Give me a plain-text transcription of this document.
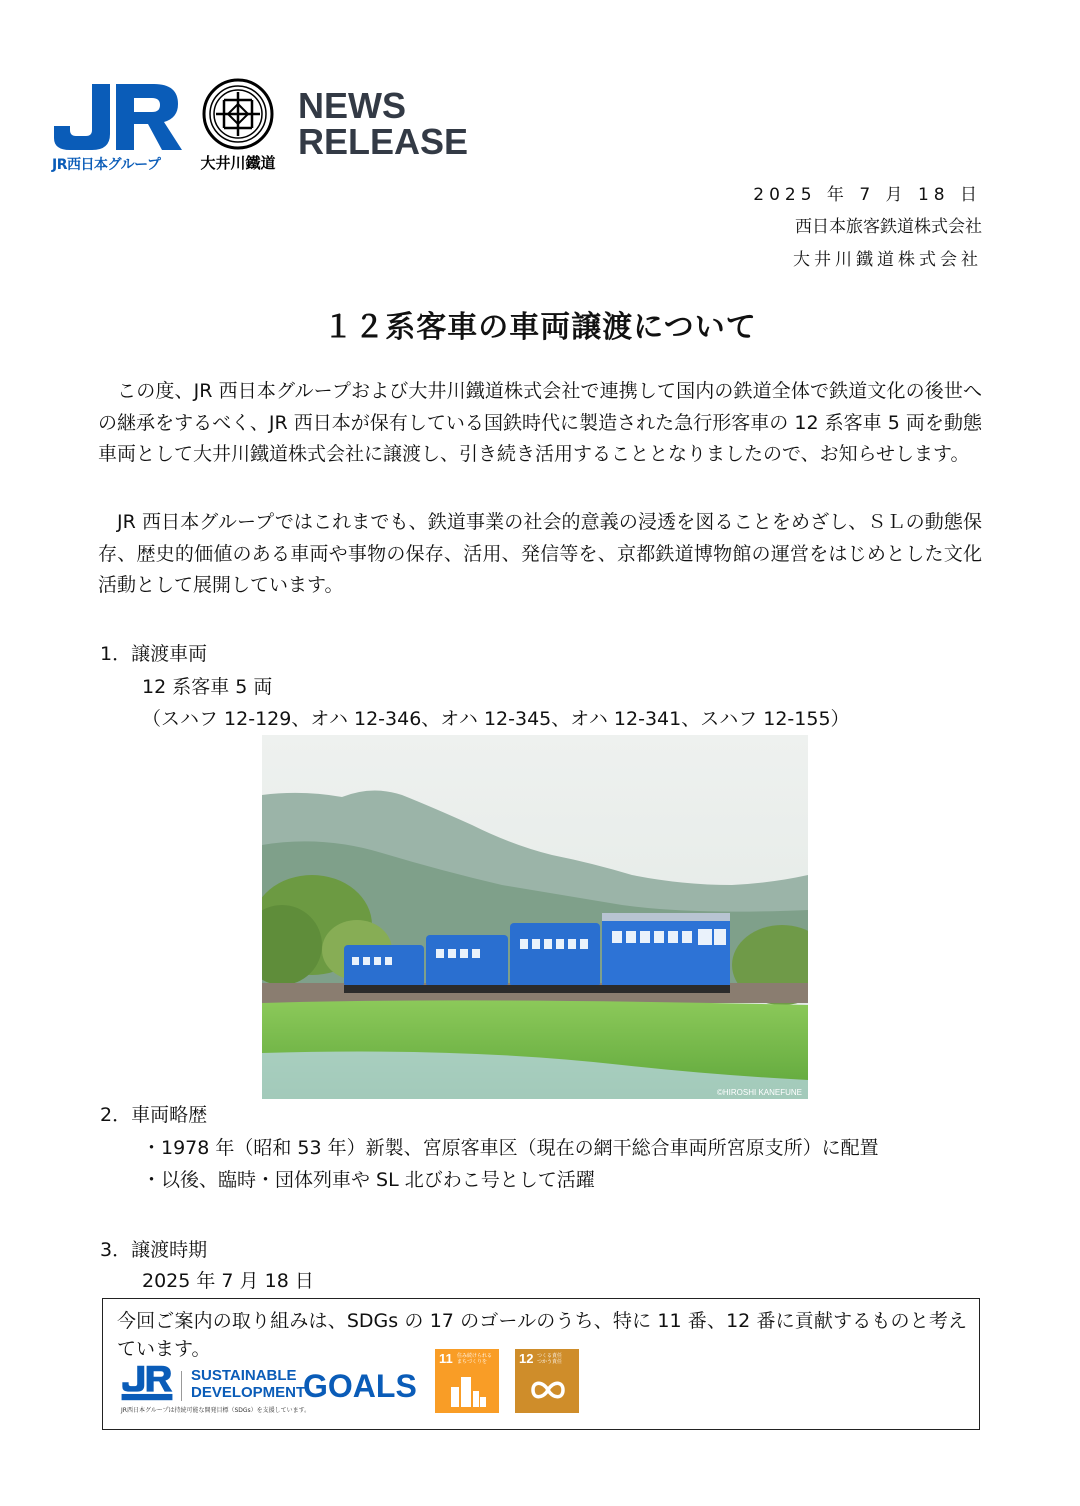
JR西日本グループ	大井川鐵道
NEWS
RELEASE
2025 年 7 月 18 日
西日本旅客鉄道株式会社
大井川鐵道株式会社
１２系客車の車両譲渡について
この度、JR 西日本グループおよび大井川鐵道株式会社で連携して国内の鉄道全体で鉄道文化の後世への継承をするべく、JR 西日本が保有している国鉄時代に製造された急行形客車の 12 系客車 5 両を動態車両として大井川鐵道株式会社に譲渡し、引き続き活用することとなりましたので、お知らせします。
JR 西日本グループではこれまでも、鉄道事業の社会的意義の浸透を図ることをめざし、ＳＬの動態保存、歴史的価値のある車両や事物の保存、活用、発信等を、京都鉄道博物館の運営をはじめとした文化活動として展開しています。
1．譲渡車両
12 系客車 5 両
（スハフ 12-129、オハ 12-346、オハ 12-345、オハ 12-341、スハフ 12-155）
©HIROSHI KANEFUNE
2．車両略歴
・1978 年（昭和 53 年）新製、宮原客車区（現在の網干総合車両所宮原支所）に配置
・以後、臨時・団体列車や SL 北びわこ号として活躍
3．譲渡時期
2025 年 7 月 18 日
今回ご案内の取り組みは、SDGs の 17 のゴールのうち、特に 11 番、12 番に貢献するものと考えています。
SUSTAINABLE
DEVELOPMENT
GOALS
JR西日本グループは持続可能な開発目標（SDGs）を支援しています。
11 住み続けられる
まちづくりを	12 つくる責任
つかう責任
